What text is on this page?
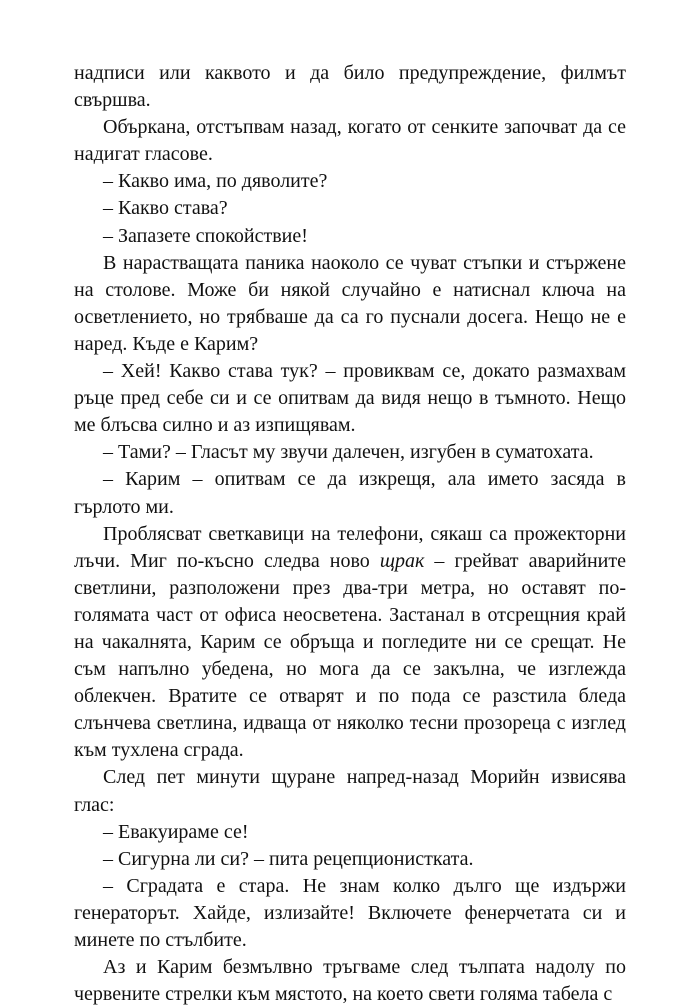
надписи или каквото и да било предупреждение, филмът свършва.

Объркана, отстъпвам назад, когато от сенките започват да се надигат гласове.

– Какво има, по дяволите?

– Какво става?

– Запазете спокойствие!

В нарастващата паника наоколо се чуват стъпки и стържене на столове. Може би някой случайно е натиснал ключа на осветлението, но трябваше да са го пуснали досега. Нещо не е наред. Къде е Карим?

– Хей! Какво става тук? – провиквам се, докато размахвам ръце пред себе си и се опитвам да видя нещо в тъмното. Нещо ме блъсва силно и аз изпищявам.

– Тами? – Гласът му звучи далечен, изгубен в суматохата.

– Карим – опитвам се да изкрещя, ала името засяда в гърлото ми.

Проблясват светкавици на телефони, сякаш са прожекторни лъчи. Миг по-късно следва ново щрак – грейват аварийните светлини, разположени през два-три метра, но оставят по-голямата част от офиса неосветена. Застанал в отсрещния край на чакалнята, Карим се обръща и погледите ни се срещат. Не съм напълно убедена, но мога да се закълна, че изглежда облекчен. Вратите се отварят и по пода се разстила бледа слънчева светлина, идваща от няколко тесни прозореца с изглед към тухлена сграда.

След пет минути щуране напред-назад Морийн извисява глас:

– Евакуираме се!

– Сигурна ли си? – пита рецепционистката.

– Сградата е стара. Не знам колко дълго ще издържи генераторът. Хайде, излизайте! Включете фенерчетата си и минете по стълбите.

Аз и Карим безмълвно тръгваме след тълпата надолу по червените стрелки към мястото, на което свети голяма табела с
